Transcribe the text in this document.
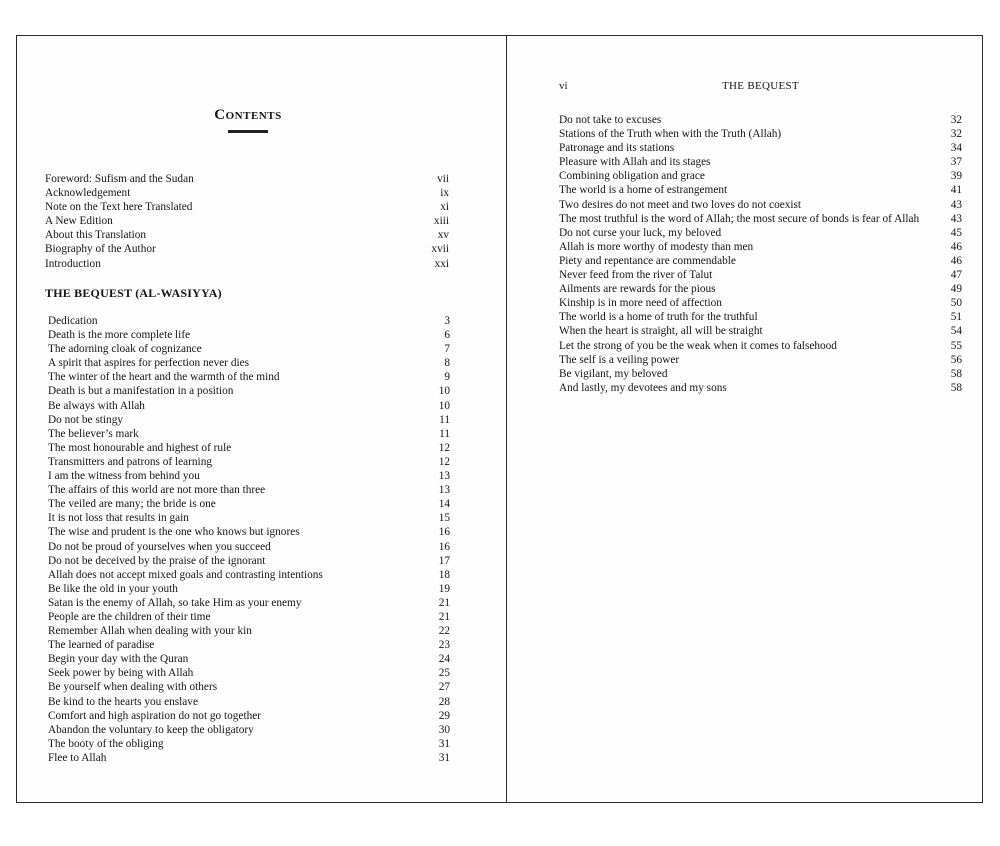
Contents
Foreword: Sufism and the Sudan	vii
Acknowledgement	ix
Note on the Text here Translated	xi
A New Edition	xiii
About this Translation	xv
Biography of the Author	xvii
Introduction	xxi
THE BEQUEST (AL-WASIYYA)
Dedication	3
Death is the more complete life	6
The adorning cloak of cognizance	7
A spirit that aspires for perfection never dies	8
The winter of the heart and the warmth of the mind	9
Death is but a manifestation in a position	10
Be always with Allah	10
Do not be stingy	11
The believer’s mark	11
The most honourable and highest of rule	12
Transmitters and patrons of learning	12
I am the witness from behind you	13
The affairs of this world are not more than three	13
The veiled are many; the bride is one	14
It is not loss that results in gain	15
The wise and prudent is the one who knows but ignores	16
Do not be proud of yourselves when you succeed	16
Do not be deceived by the praise of the ignorant	17
Allah does not accept mixed goals and contrasting intentions	18
Be like the old in your youth	19
Satan is the enemy of Allah, so take Him as your enemy	21
People are the children of their time	21
Remember Allah when dealing with your kin	22
The learned of paradise	23
Begin your day with the Quran	24
Seek power by being with Allah	25
Be yourself when dealing with others	27
Be kind to the hearts you enslave	28
Comfort and high aspiration do not go together	29
Abandon the voluntary to keep the obligatory	30
The booty of the obliging	31
Flee to Allah	31
vi	THE BEQUEST
Do not take to excuses	32
Stations of the Truth when with the Truth (Allah)	32
Patronage and its stations	34
Pleasure with Allah and its stages	37
Combining obligation and grace	39
The world is a home of estrangement	41
Two desires do not meet and two loves do not coexist	43
The most truthful is the word of Allah; the most secure of bonds is fear of Allah	43
Do not curse your luck, my beloved	45
Allah is more worthy of modesty than men	46
Piety and repentance are commendable	46
Never feed from the river of Talut	47
Ailments are rewards for the pious	49
Kinship is in more need of affection	50
The world is a home of truth for the truthful	51
When the heart is straight, all will be straight	54
Let the strong of you be the weak when it comes to falsehood	55
The self is a veiling power	56
Be vigilant, my beloved	58
And lastly, my devotees and my sons	58
